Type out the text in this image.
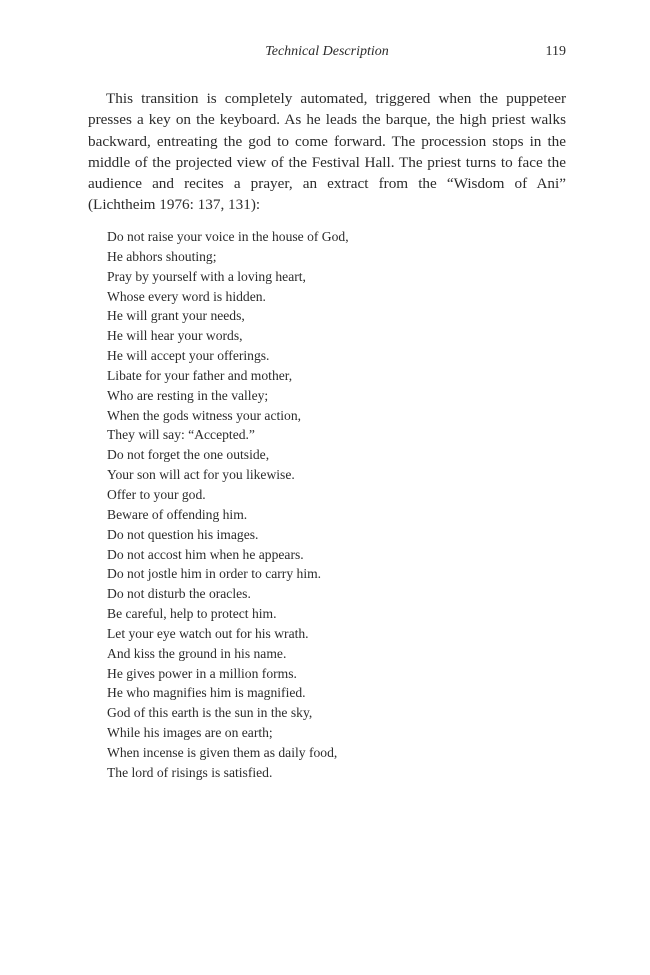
Technical Description	119

This transition is completely automated, triggered when the puppeteer presses a key on the keyboard. As he leads the barque, the high priest walks backward, entreating the god to come forward. The procession stops in the middle of the projected view of the Festival Hall. The priest turns to face the audience and recites a prayer, an extract from the “Wisdom of Ani” (Lichtheim 1976: 137, 131):

Do not raise your voice in the house of God,
He abhors shouting;
Pray by yourself with a loving heart,
Whose every word is hidden.
He will grant your needs,
He will hear your words,
He will accept your offerings.
Libate for your father and mother,
Who are resting in the valley;
When the gods witness your action,
They will say: “Accepted.”
Do not forget the one outside,
Your son will act for you likewise.
Offer to your god.
Beware of offending him.
Do not question his images.
Do not accost him when he appears.
Do not jostle him in order to carry him.
Do not disturb the oracles.
Be careful, help to protect him.
Let your eye watch out for his wrath.
And kiss the ground in his name.
He gives power in a million forms.
He who magnifies him is magnified.
God of this earth is the sun in the sky,
While his images are on earth;
When incense is given them as daily food,
The lord of risings is satisfied.
